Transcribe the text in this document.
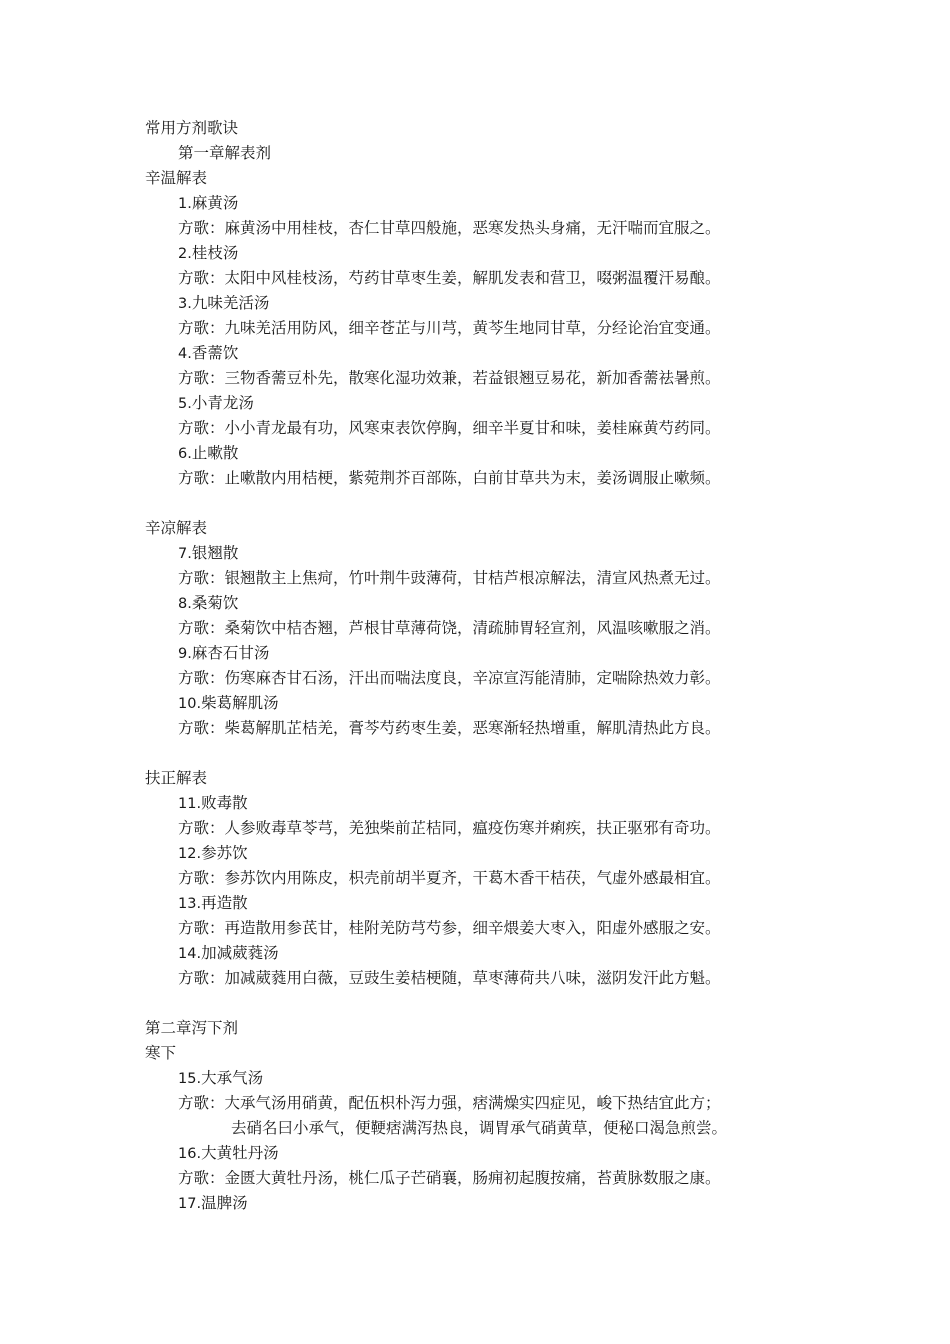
常用方剂歌诀
第一章解表剂
辛温解表
1.麻黄汤
方歌：麻黄汤中用桂枝，杏仁甘草四般施，恶寒发热头身痛，无汗喘而宜服之。
2.桂枝汤
方歌：太阳中风桂枝汤，芍药甘草枣生姜，解肌发表和营卫，啜粥温覆汗易酿。
3.九味羌活汤
方歌：九味羌活用防风，细辛苍芷与川芎，黄芩生地同甘草，分经论治宜变通。
4.香薷饮
方歌：三物香薷豆朴先，散寒化湿功效兼，若益银翘豆易花，新加香薷祛暑煎。
5.小青龙汤
方歌：小小青龙最有功，风寒束表饮停胸，细辛半夏甘和味，姜桂麻黄芍药同。
6.止嗽散
方歌：止嗽散内用桔梗，紫菀荆芥百部陈，白前甘草共为末，姜汤调服止嗽频。
辛凉解表
7.银翘散
方歌：银翘散主上焦疴，竹叶荆牛豉薄荷，甘桔芦根凉解法，清宣风热煮无过。
8.桑菊饮
方歌：桑菊饮中桔杏翘，芦根甘草薄荷饶，清疏肺胃轻宣剂，风温咳嗽服之消。
9.麻杏石甘汤
方歌：伤寒麻杏甘石汤，汗出而喘法度良，辛凉宣泻能清肺，定喘除热效力彰。
10.柴葛解肌汤
方歌：柴葛解肌芷桔羌，膏芩芍药枣生姜，恶寒渐轻热增重，解肌清热此方良。
扶正解表
11.败毒散
方歌：人参败毒草苓芎，羌独柴前芷桔同，瘟疫伤寒并痢疾，扶正驱邪有奇功。
12.参苏饮
方歌：参苏饮内用陈皮，枳壳前胡半夏齐，干葛木香干桔茯，气虚外感最相宜。
13.再造散
方歌：再造散用参芪甘，桂附羌防芎芍参，细辛煨姜大枣入，阳虚外感服之安。
14.加减葳蕤汤
方歌：加减葳蕤用白薇，豆豉生姜桔梗随，草枣薄荷共八味，滋阴发汗此方魁。
第二章泻下剂
寒下
15.大承气汤
方歌：大承气汤用硝黄，配伍枳朴泻力强，痞满燥实四症见，峻下热结宜此方；
去硝名曰小承气，便鞕痞满泻热良，调胃承气硝黄草，便秘口渴急煎尝。
16.大黄牡丹汤
方歌：金匮大黄牡丹汤，桃仁瓜子芒硝襄，肠痈初起腹按痛，苔黄脉数服之康。
17.温脾汤
